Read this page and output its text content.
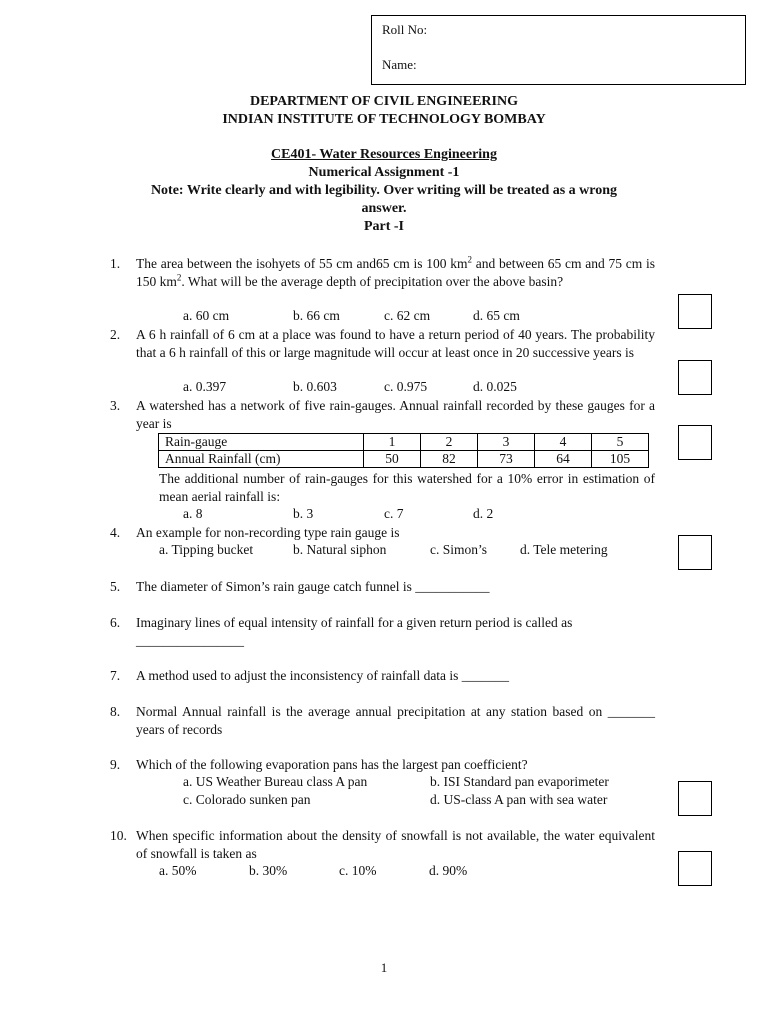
Roll No:
Name:
DEPARTMENT OF CIVIL ENGINEERING
INDIAN INSTITUTE OF TECHNOLOGY BOMBAY
CE401- Water Resources Engineering
Numerical Assignment -1
Note: Write clearly and with legibility. Over writing will be treated as a wrong
answer.
Part -I
1. The area between the isohyets of 55 cm and65 cm is 100 $km^2$ and between 65 cm and 75 cm is 150 $km^2$. What will be the average depth of precipitation over the above basin?
a. 60 cm	b. 66 cm	c. 62 cm	d. 65 cm
2. A 6 h rainfall of 6 cm at a place was found to have a return period of 40 years. The probability that a 6 h rainfall of this or large magnitude will occur at least once in 20 successive years is
a. 0.397	b. 0.603	c. 0.975	d. 0.025
3. A watershed has a network of five rain-gauges. Annual rainfall recorded by these gauges for a year is
Rain-gauge	1	2	3	4	5
Annual Rainfall (cm)	50	82	73	64	105
The additional number of rain-gauges for this watershed for a 10% error in estimation of mean aerial rainfall is:
a. 8	b. 3	c. 7	d. 2
4. An example for non-recording type rain gauge is
a. Tipping bucket	b. Natural siphon	c. Simon’s d. Tele metering
5. The diameter of Simon’s rain gauge catch funnel is ___________
6. Imaginary lines of equal intensity of rainfall for a given return period is called as
________________
7. A method used to adjust the inconsistency of rainfall data is _______
8. Normal Annual rainfall is the average annual precipitation at any station based on _______ years of records
9. Which of the following evaporation pans has the largest pan coefficient?
a. US Weather Bureau class A pan	b. ISI Standard pan evaporimeter
c. Colorado sunken pan	d. US-class A pan with sea water
10. When specific information about the density of snowfall is not available, the water equivalent of snowfall is taken as
a. 50%	b. 30%	c. 10%	d. 90%
1
